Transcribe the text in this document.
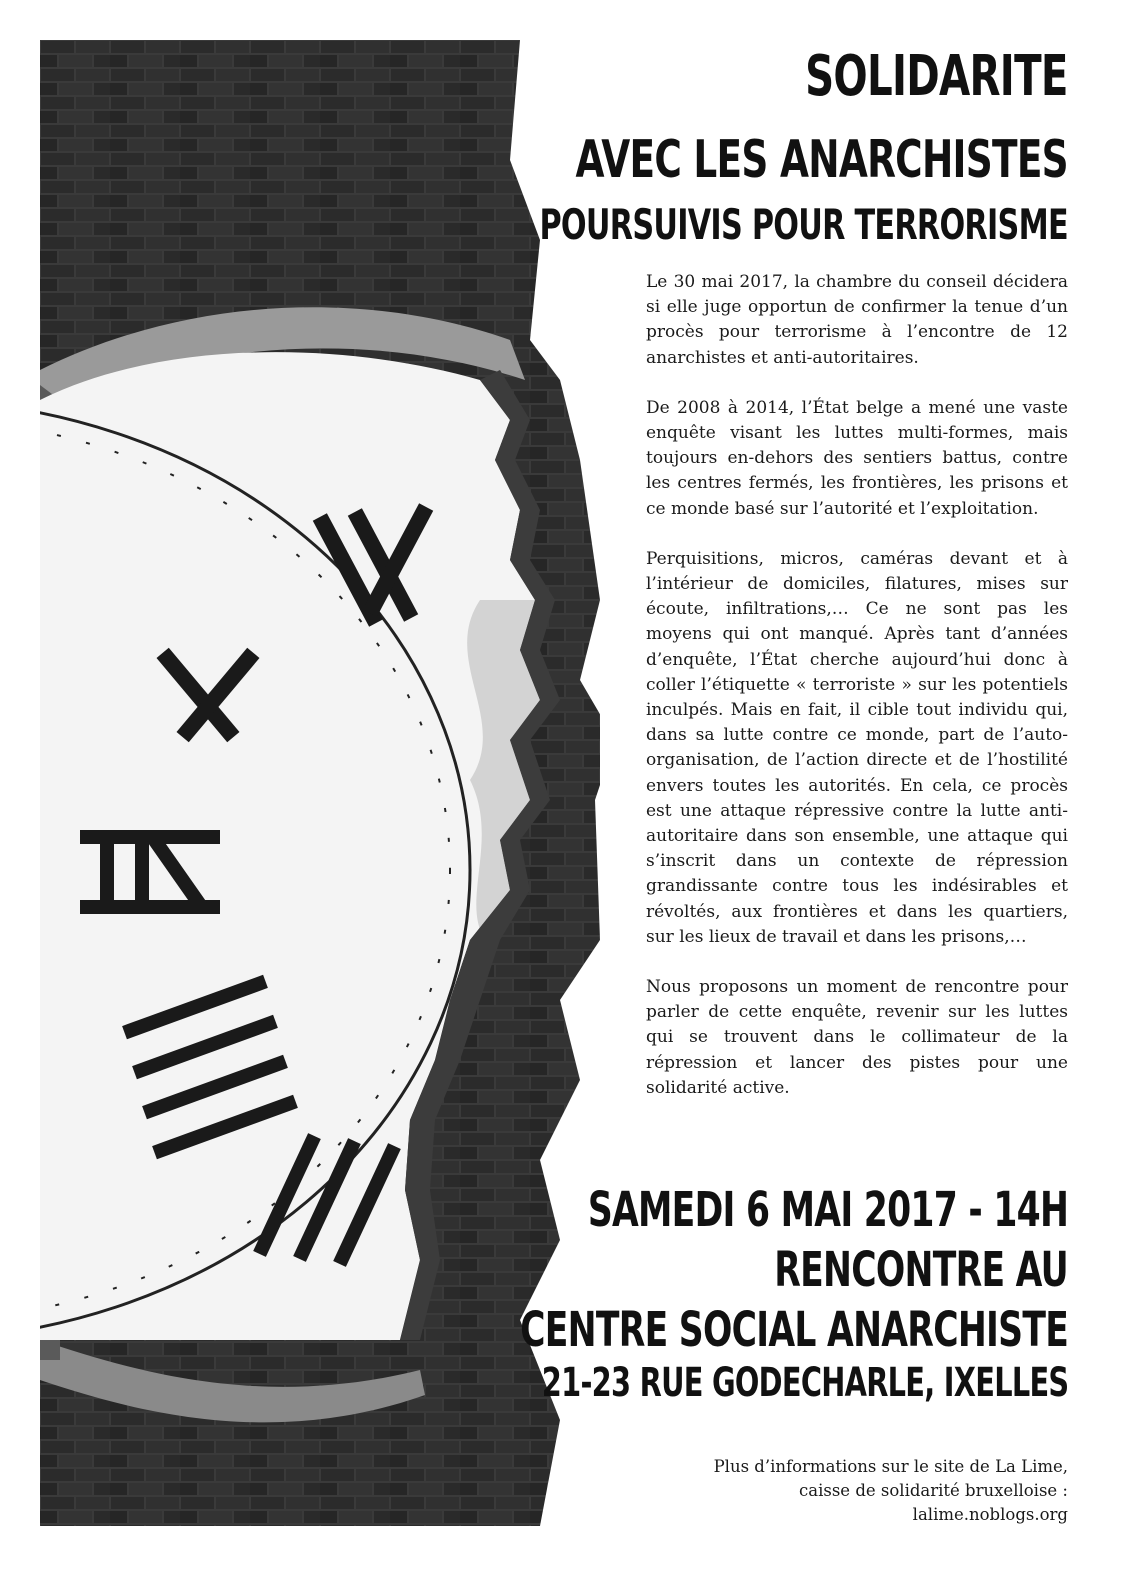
SOLIDARITE
AVEC LES ANARCHISTES
POURSUIVIS POUR TERRORISME

Le 30 mai 2017, la chambre du conseil décidera si elle juge opportun de confirmer la tenue d’un procès pour terrorisme à l’encontre de 12 anarchistes et anti-autoritaires.

De 2008 à 2014, l’État belge a mené une vaste enquête visant les luttes multi-formes, mais toujours en-dehors des sentiers battus, contre les centres fermés, les frontières, les prisons et ce monde basé sur l’autorité et l’exploitation.

Perquisitions, micros, caméras devant et à l’intérieur de domiciles, filatures, mises sur écoute, infiltrations,… Ce ne sont pas les moyens qui ont manqué. Après tant d’années d’enquête, l’État cherche aujourd’hui donc à coller l’étiquette « terroriste » sur les potentiels inculpés. Mais en fait, il cible tout individu qui, dans sa lutte contre ce monde, part de l’auto-organisation, de l’action directe et de l’hostilité envers toutes les autorités. En cela, ce procès est une attaque répressive contre la lutte anti-autoritaire dans son ensemble, une attaque qui s’inscrit dans un contexte de répression grandissante contre tous les indésirables et révoltés, aux frontières et dans les quartiers, sur les lieux de travail et dans les prisons,…

Nous proposons un moment de rencontre pour parler de cette enquête, revenir sur les luttes qui se trouvent dans le collimateur de la répression et lancer des pistes pour une solidarité active.

SAMEDI 6 MAI 2017 - 14H
RENCONTRE AU
CENTRE SOCIAL ANARCHISTE
21-23 RUE GODECHARLE, IXELLES
Plus d’informations sur le site de La Lime,
caisse de solidarité bruxelloise :
lalime.noblogs.org
